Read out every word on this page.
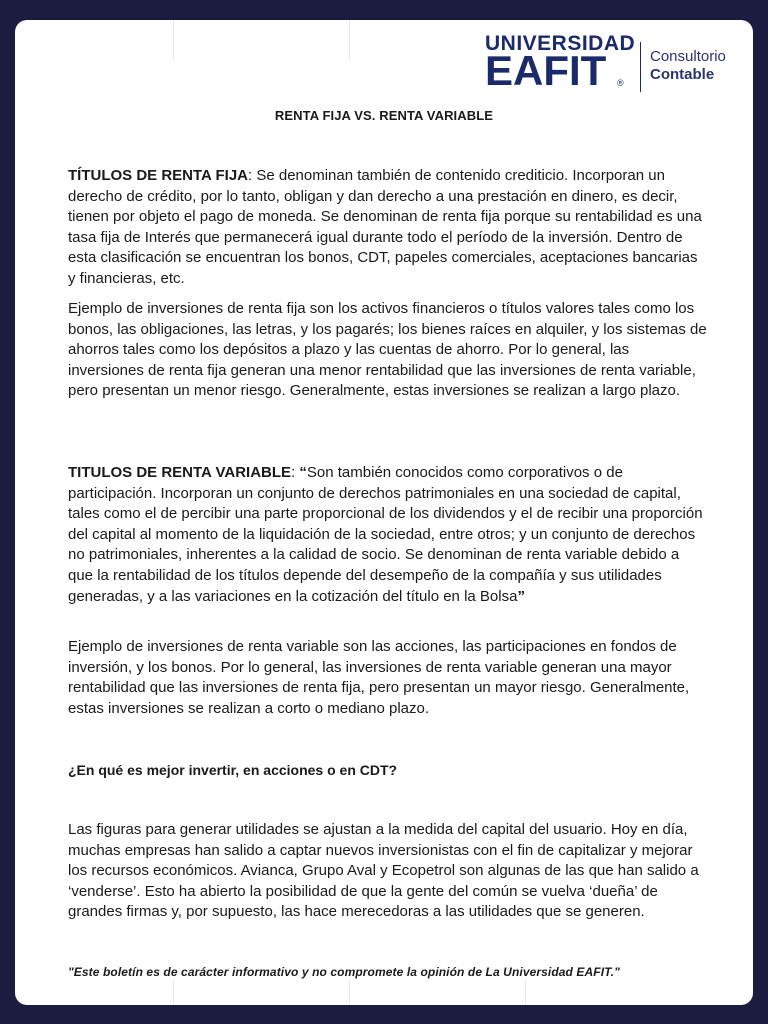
UNIVERSIDAD
EAFIT ®
Consultorio
Contable
RENTA FIJA VS. RENTA VARIABLE
TÍTULOS DE RENTA FIJA: Se denominan también de contenido crediticio. Incorporan un derecho de crédito, por lo tanto, obligan y dan derecho a una prestación en dinero, es decir, tienen por objeto el pago de moneda. Se denominan de renta fija porque su rentabilidad es una tasa fija de Interés que permanecerá igual durante todo el período de la inversión. Dentro de esta clasificación se encuentran los bonos, CDT, papeles comerciales, aceptaciones bancarias y financieras, etc.
Ejemplo de inversiones de renta fija son los activos financieros o títulos valores tales como los bonos, las obligaciones, las letras, y los pagarés; los bienes raíces en alquiler, y los sistemas de ahorros tales como los depósitos a plazo y las cuentas de ahorro. Por lo general, las inversiones de renta fija generan una menor rentabilidad que las inversiones de renta variable, pero presentan un menor riesgo. Generalmente, estas inversiones se realizan a largo plazo.
TITULOS DE RENTA VARIABLE: “Son también conocidos como corporativos o de participación. Incorporan un conjunto de derechos patrimoniales en una sociedad de capital, tales como el de percibir una parte proporcional de los dividendos y el de recibir una proporción del capital al momento de la liquidación de la sociedad, entre otros; y un conjunto de derechos no patrimoniales, inherentes a la calidad de socio. Se denominan de renta variable debido a que la rentabilidad de los títulos depende del desempeño de la compañía y sus utilidades generadas, y a las variaciones en la cotización del título en la Bolsa”
Ejemplo de inversiones de renta variable son las acciones, las participaciones en fondos de inversión, y los bonos. Por lo general, las inversiones de renta variable generan una mayor rentabilidad que las inversiones de renta fija, pero presentan un mayor riesgo. Generalmente, estas inversiones se realizan a corto o mediano plazo.
¿En qué es mejor invertir, en acciones o en CDT?
Las figuras para generar utilidades se ajustan a la medida del capital del usuario. Hoy en día, muchas empresas han salido a captar nuevos inversionistas con el fin de capitalizar y mejorar los recursos económicos. Avianca, Grupo Aval y Ecopetrol son algunas de las que han salido a ‘venderse’. Esto ha abierto la posibilidad de que la gente del común se vuelva ‘dueña’ de grandes firmas y, por supuesto, las hace merecedoras a las utilidades que se generen.
"Este boletín es de carácter informativo y no compromete la opinión de La Universidad EAFIT."
